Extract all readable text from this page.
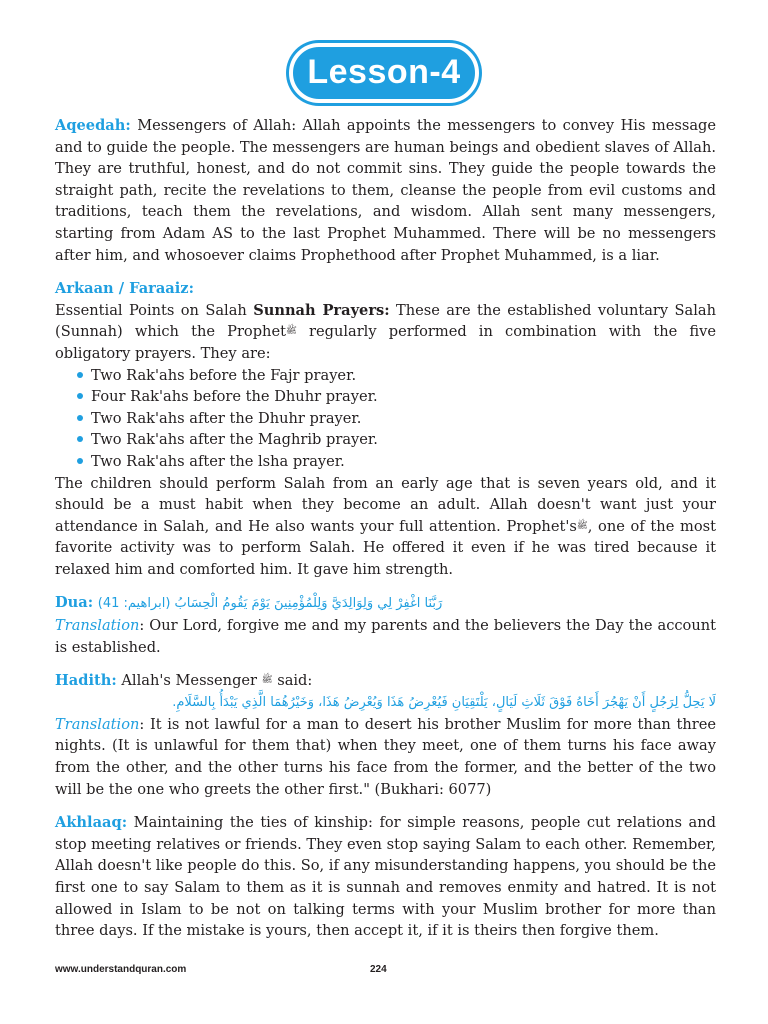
Lesson-4
Aqeedah: Messengers of Allah: Allah appoints the messengers to convey His message and to guide the people. The messengers are human beings and obedient slaves of Allah. They are truthful, honest, and do not commit sins. They guide the people towards the straight path, recite the revelations to them, cleanse the people from evil customs and traditions, teach them the revelations, and wisdom. Allah sent many messengers, starting from Adam AS to the last Prophet Muhammed. There will be no messengers after him, and whosoever claims Prophethood after Prophet Muhammed, is a liar.
Arkaan / Faraaiz:
Essential Points on Salah Sunnah Prayers: These are the established voluntary Salah (Sunnah) which the Prophet$^ﷺ$ regularly performed in combination with the five obligatory prayers. They are:
Two Rak'ahs before the Fajr prayer.
Four Rak'ahs before the Dhuhr prayer.
Two Rak'ahs after the Dhuhr prayer.
Two Rak'ahs after the Maghrib prayer.
Two Rak'ahs after the lsha prayer.
The children should perform Salah from an early age that is seven years old, and it should be a must habit when they become an adult. Allah doesn't want just your attendance in Salah, and He also wants your full attention. $Prophet's^ﷺ$, one of the most favorite activity was to perform Salah. He offered it even if he was tired because it relaxed him and comforted him. It gave him strength.
Dua: رَبَّنَا اغْفِرْ لِي وَلِوَالِدَيَّ وَلِلْمُؤْمِنِينَ يَوْمَ يَقُومُ الْحِسَابُ (ابراهيم: 41)
Translation: Our Lord, forgive me and my parents and the believers the Day the account is established.
Hadith: Allah's Messenger $^ﷺ$ said:
لَا يَحِلُّ لِرَجُلٍ أَنْ يَهْجُرَ أَخَاهُ فَوْقَ ثَلَاثِ لَيَالٍ، يَلْتَقِيَانِ فَيُعْرِضُ هَذَا وَيُعْرِضُ هَذَا، وَخَيْرُهُمَا الَّذِي يَبْدَأُ بِالسَّلَامِ.
Translation: It is not lawful for a man to desert his brother Muslim for more than three nights. (It is unlawful for them that) when they meet, one of them turns his face away from the other, and the other turns his face from the former, and the better of the two will be the one who greets the other first." (Bukhari: 6077)
Akhlaaq: Maintaining the ties of kinship: for simple reasons, people cut relations and stop meeting relatives or friends. They even stop saying Salam to each other. Remember, Allah doesn't like people do this. So, if any misunderstanding happens, you should be the first one to say Salam to them as it is sunnah and removes enmity and hatred. It is not allowed in Islam to be not on talking terms with your Muslim brother for more than three days. If the mistake is yours, then accept it, if it is theirs then forgive them.
www.understandquran.com	224
